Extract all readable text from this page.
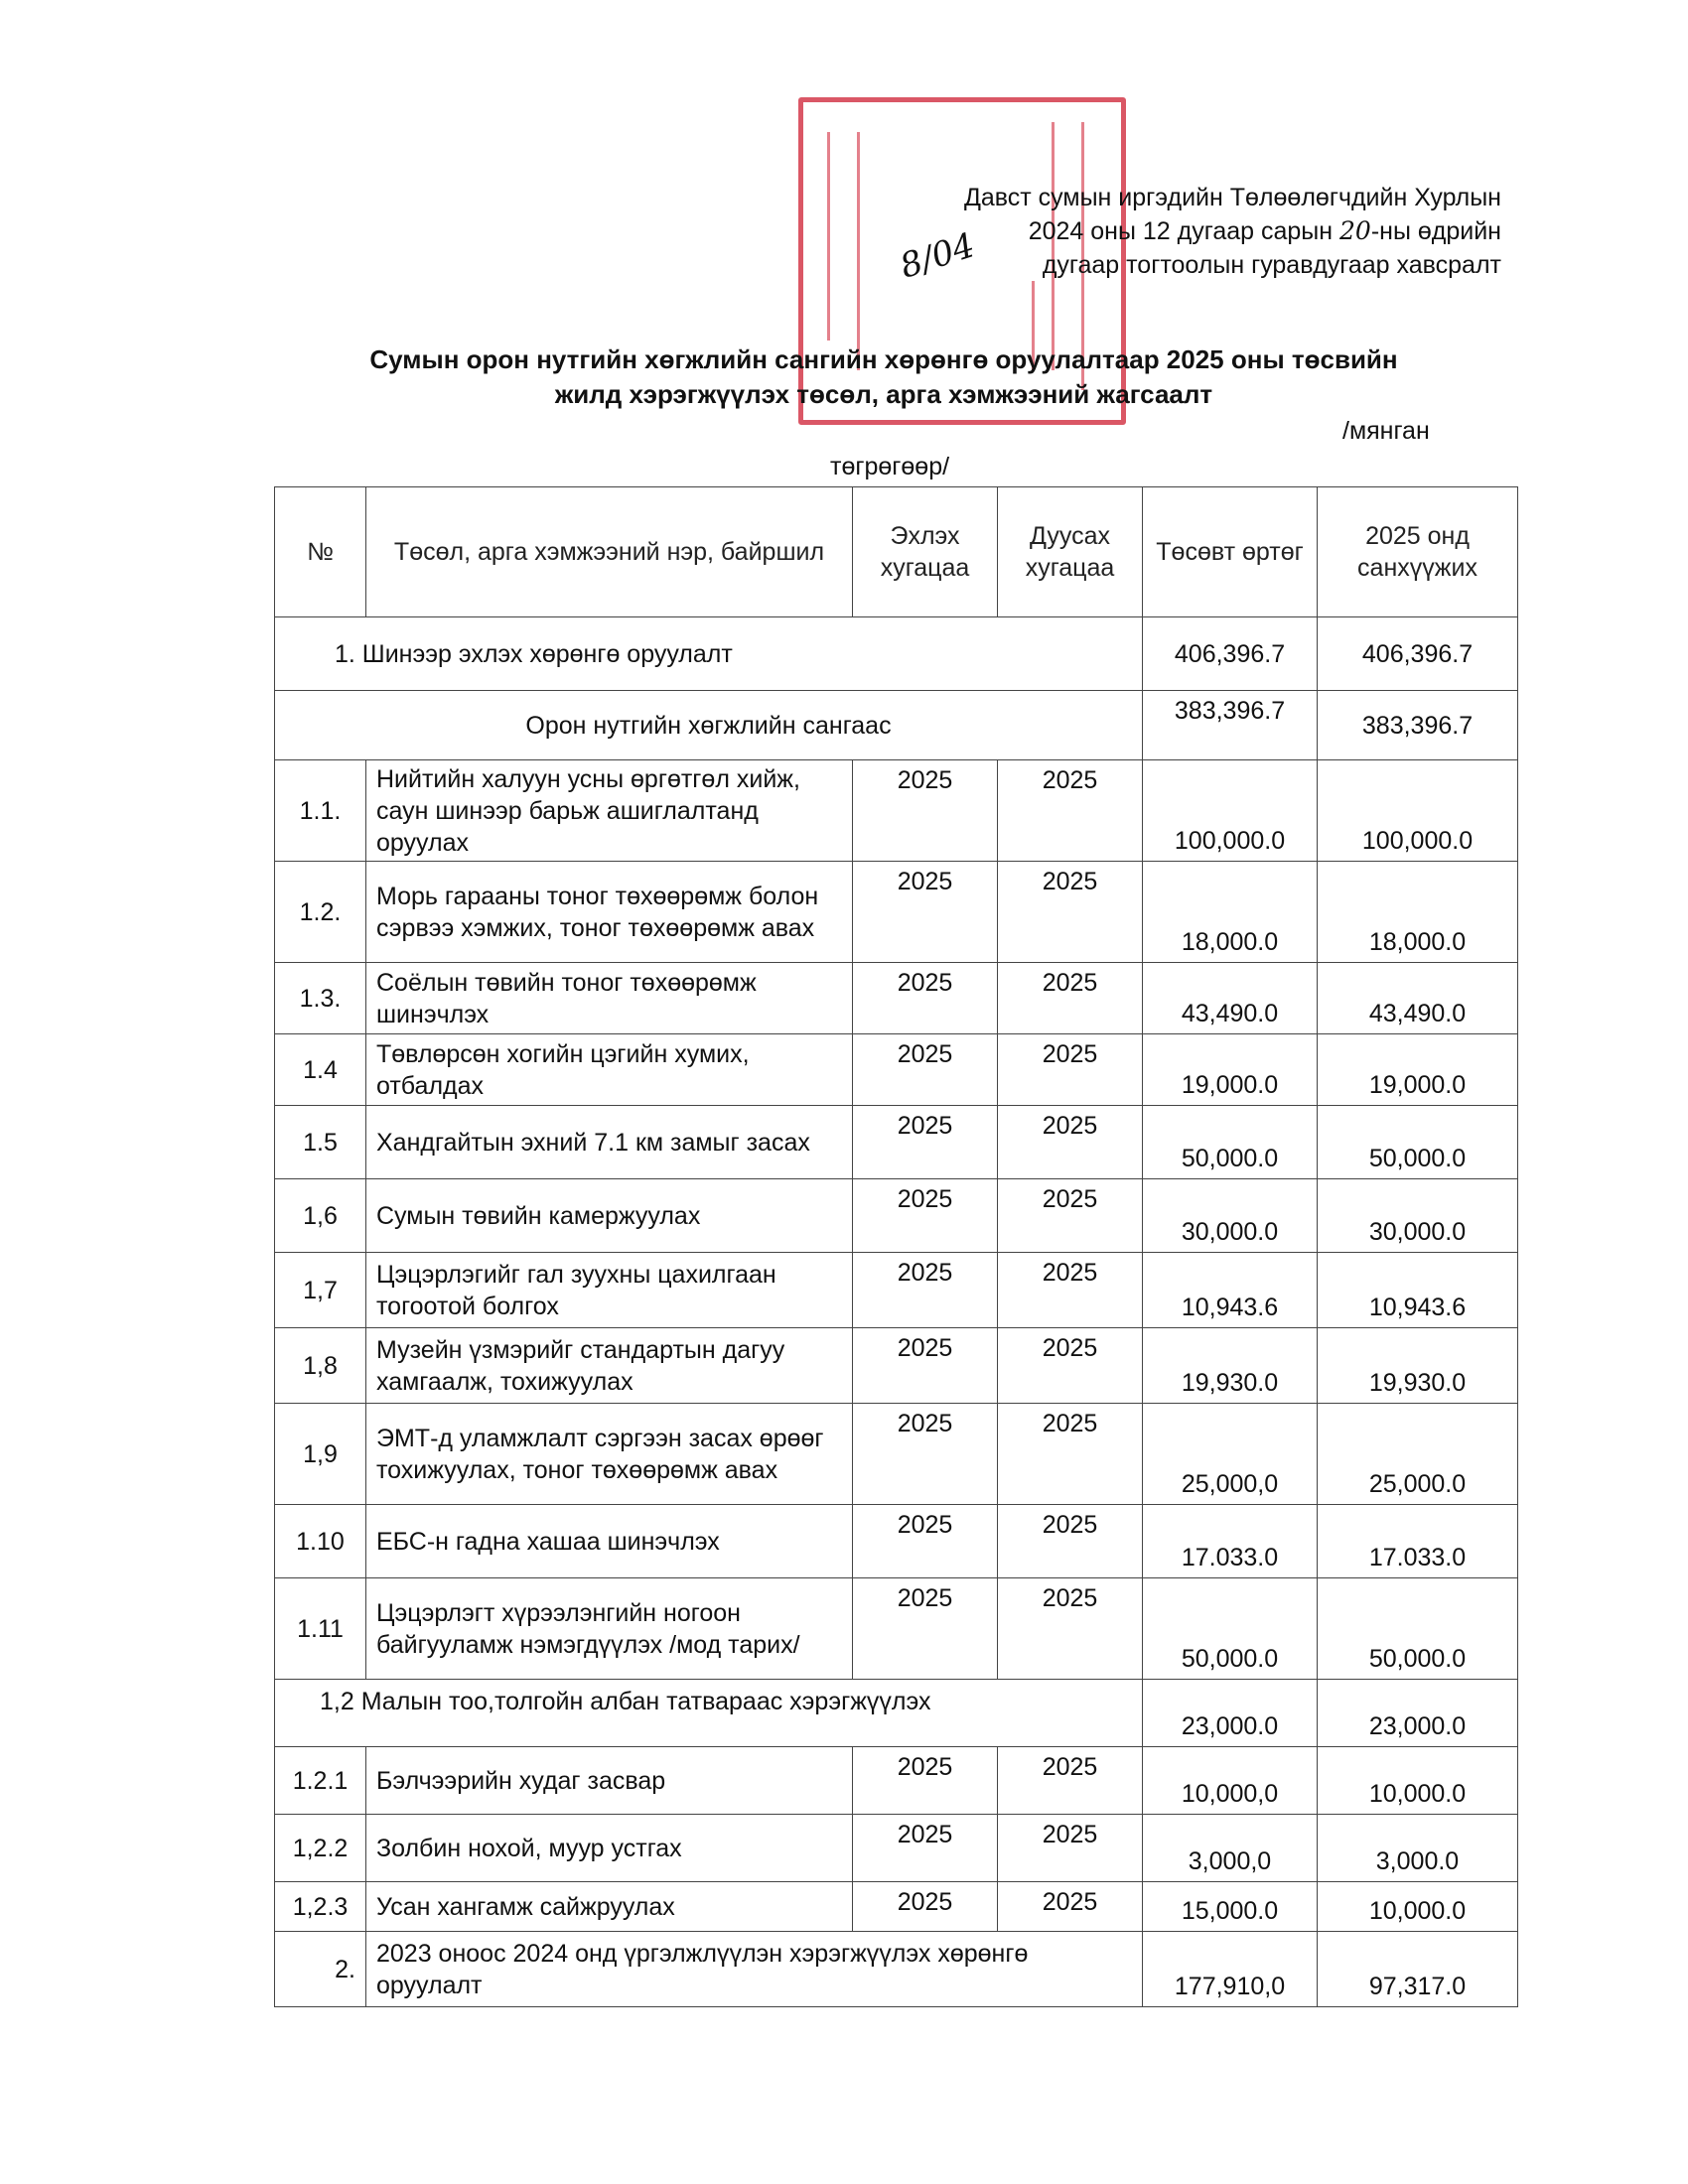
Давст сумын иргэдийн Төлөөлөгчдийн Хурлын
2024 оны 12 дугаар сарын 20-ны өдрийн
дугаар тогтоолын гуравдугаар хавсралт
8/04
Сумын орон нутгийн хөгжлийн сангийн хөрөнгө оруулалтаар 2025 оны төсвийн
жилд хэрэгжүүлэх төсөл, арга хэмжээний жагсаалт
/мянган
төгрөгөөр/
№	Төсөл, арга хэмжээний нэр, байршил	Эхлэх хугацаа	Дуусах хугацаа	Төсөвт өртөг	2025 онд санхүүжих
1. Шинээр эхлэх хөрөнгө оруулалт				406,396.7	406,396.7
Орон нутгийн хөгжлийн сангаас				383,396.7	383,396.7
1.1.	Нийтийн халуун усны өргөтгөл хийж, саун шинээр барьж ашиглалтанд оруулах	2025	2025	100,000.0	100,000.0
1.2.	Морь гарааны тоног төхөөрөмж болон сэрвээ хэмжих, тоног төхөөрөмж авах	2025	2025	18,000.0	18,000.0
1.3.	Соёлын төвийн тоног төхөөрөмж шинэчлэх	2025	2025	43,490.0	43,490.0
1.4	Төвлөрсөн хогийн цэгийн хумих, отбалдах	2025	2025	19,000.0	19,000.0
1.5	Хандгайтын эхний 7.1 км замыг засах	2025	2025	50,000.0	50,000.0
1,6	Сумын төвийн камержуулах	2025	2025	30,000.0	30,000.0
1,7	Цэцэрлэгийг гал зуухны цахилгаан тогоотой болгох	2025	2025	10,943.6	10,943.6
1,8	Музейн үзмэрийг стандартын дагуу хамгаалж, тохижуулах	2025	2025	19,930.0	19,930.0
1,9	ЭМТ-д уламжлалт сэргээн засах өрөөг тохижуулах, тоног төхөөрөмж авах	2025	2025	25,000,0	25,000.0
1.10	ЕБС-н гадна хашаа шинэчлэх	2025	2025	17.033.0	17.033.0
1.11	Цэцэрлэгт хүрээлэнгийн ногоон байгууламж нэмэгдүүлэх /мод тарих/	2025	2025	50,000.0	50,000.0
1,2 Малын тоо,толгойн албан татвараас хэрэгжүүлэх				23,000.0	23,000.0
1.2.1	Бэлчээрийн худаг засвар	2025	2025	10,000,0	10,000.0
1,2.2	Золбин нохой, муур устгах	2025	2025	3,000,0	3,000.0
1,2.3	Усан хангамж сайжруулах	2025	2025	15,000.0	10,000.0
2.	2023 оноос 2024 онд үргэлжлүүлэн хэрэгжүүлэх хөрөнгө оруулалт			177,910,0	97,317.0
